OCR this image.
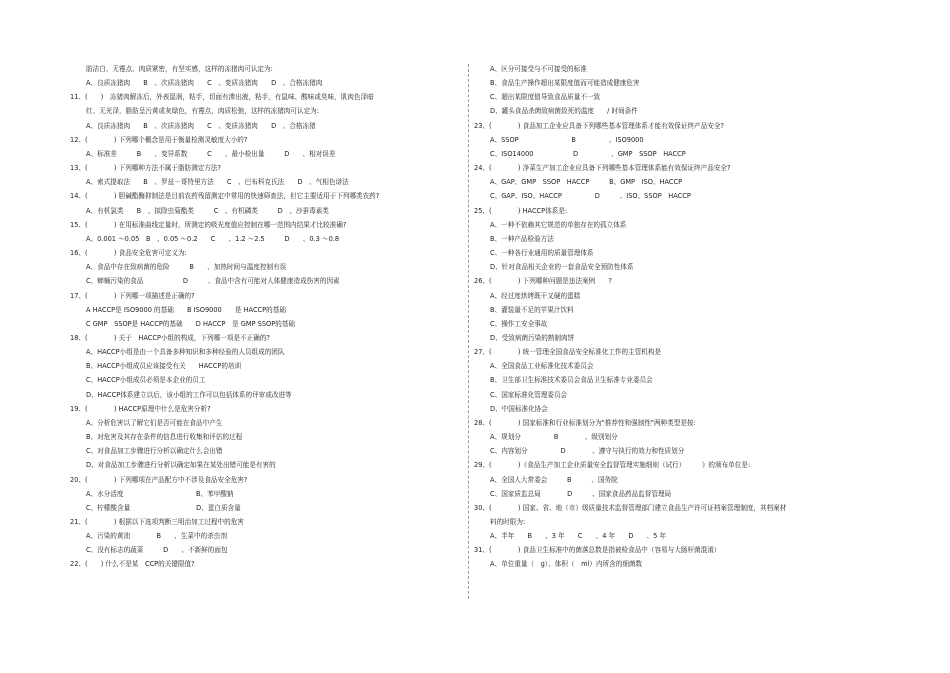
肪洁白、无霉点、肉质紧密，有坚实感，这样的冻猪肉可认定为:
A、良质冻猪肉　　B　、次质冻猪肉　　C　、变质冻猪肉　　D　、合格冻猪肉
11、(　　)　冻猪肉解冻后，外表湿润，粘手，切面有渗出液，粘手，有鼠味、酸味或臭味，肌肉色泽暗
红、无光泽，脂肪呈污黄或灰绿色，有霉点，肉质松弛，这样的冻猪肉可认定为:
A、良质冻猪肉　　B　、次质冻猪肉　　C　、变质冻猪肉　　D　、合格冻猪
12、(　　　　) 下列哪个概念是用于衡量检测灵敏度大小的?
A、标准差　　　B　　、变异系数　　　C　　、最小检出量　　　D　　、相对误差
13、(　　　　) 下列哪种方法不属于脂肪测定方法?
A、索式提取法　　B　、罗兹－哥特里方法　　C　、巴布科克氏法　　D　、气相色谱法
14、(　　　　) 胆碱酯酶抑制法是目前农药残留测定中常用的快速筛查法，但它主要适用于下列哪类农药?
A、有机氯类　　B　、拟除虫菊酯类　　　C　、有机磷类　　　D　、沙蚕毒素类
15、(　　　　) 在用标准曲线定量时，所测定的吸光度值应控制在哪一范围内结果才比较准确?
A、0.001 ～0.05　B　、0.05 ～0.2　　C　　、1.2 ～2.5　　　D　　、0.3 ～0.8
16、(　　　　) 食品安全危害可定义为:
A、食品中存在致病菌的危险　　　B　　、加热时间与温度控制有误
C、蝉蛹污染的食品　　　　　　D　　　、食品中含有可能对人体健康造成伤害的因素
17、(　　　　) 下列哪一项描述是正确的?
A HACCP是 ISO9000 的基础　　B ISO9000　　是 HACCP的基础
C GMP　SSOP是 HACCP的基础　　D HACCP　是 GMP SSOP的基础
18、(　　　　) 关于　HACCP小组的构成，下列哪一项是不正确的?
A、HACCP小组是由一个具备多种知识和多种经验的人员组成的团队
B、HACCP小组成员应该接受有关　　HACCP的培训
C、HACCP小组成员必须是本企业的员工
D、HACCP体系建立以后，该小组的工作可以包括体系的评审或改进等
19、(　　　　) HACCP原理中什么是危害分析?
A、分析危害以了解它们是否可能在食品中产生
B、对危害及其存在条件的信息进行收集和评估的过程
C、对食品加工步骤进行分析以确定什么会出错
D、对食品加工步骤进行分析以确定如果在某处出错可能是有害的
20、(　　　　) 下列哪项在产品配方中不涉及食品安全危害?
A、水分活度　　　　　　　　　　　B、苯甲酸钠
C、柠檬酸含量　　　　　　　　　　D、蛋白质含量
21、(　　　　) 根据以下选项判断三明治加工过程中的危害
A、污染的黄油　　　　B　　、生菜中的杀虫剂
C、没有标志的蔬菜　　　D　　、不新鲜的面包
22、(　　) 什么不是某　CCP的关键限值?
A、区分可接受与不可接受的标准
B、食品生产操作超出某限度值而可能造成健康危害
C、超出某限度值导致食品质量不一致
D、罐头食品杀菌致病菌致死的温度　　/ 时间条件
23、(　　　　) 食品加工企业应具备下列哪些基本管理体系才能有效保证终产品安全?
A、SSOP　　　　　　　　B　　　　　、ISO9000
C、ISO14000　　　　　　D　　　　　、GMP　SSOP　HACCP
24、(　　　　) 净菜生产加工企业应具备下列哪些基本管理体系能有效保证终产品安全?
A、GAP、GMP　SSOP　HACCP　　　B、GMP　ISO、HACCP
C、GAP、ISO、HACCP　　　　　D　　　、ISO、SSOP　HACCP
25、(　　　　) HACCP体系是:
A、一种不依赖其它规范的单独存在的孤立体系
B、一种产品检验方法
C、一种各行业通用的质量管理体系
D、针对食品相关企业的一套食品安全预防性体系
26、(　　　　) 下列哪种问题是违法案例　　?
A、经过度烘烤既干又硬的蛋糕
B、灌装量不足的苹果汁饮料
C、操作工安全事故
D、受致病菌污染的熟制肉饼
27、(　　　　) 统一管理全国食品安全标准化工作的主管机构是
A、全国食品工业标准化技术委员会
B、卫生部卫生标准技术委员会食品卫生标准专业委员会
C、国家标准化管理委员会
D、中国标准化协会
28、(　　　　) 国家标准和行业标准划分为"推荐性和强制性"两种类型是按:
A、规划分　　　　　B　　　　、级别划分
C、内容划分　　　　　D　　　　、遵守与执行的效力和性质划分
29、(　　　　)《食品生产加工企业质量安全监督管理实施细则（试行）　　　》的颁布单位是:
A、全国人大常委会　　　B　　　、国务院
C、国家质监总局　　　　D　　　、国家食品药品监督管理局
30、(　　　　) 国家、省、地（市）级质量技术监督管理部门建立食品生产许可证档案管理制度，其档案材
料的时限为:
A、半年　　B　　、3 年　　C　　、4 年　　D　　、5 年
31、(　　　　) 食品卫生标准中的菌落总数是指被检食品中（容易与大肠杆菌混淆）
A、单位重量（　g）、体积（　ml）内所含的细菌数
